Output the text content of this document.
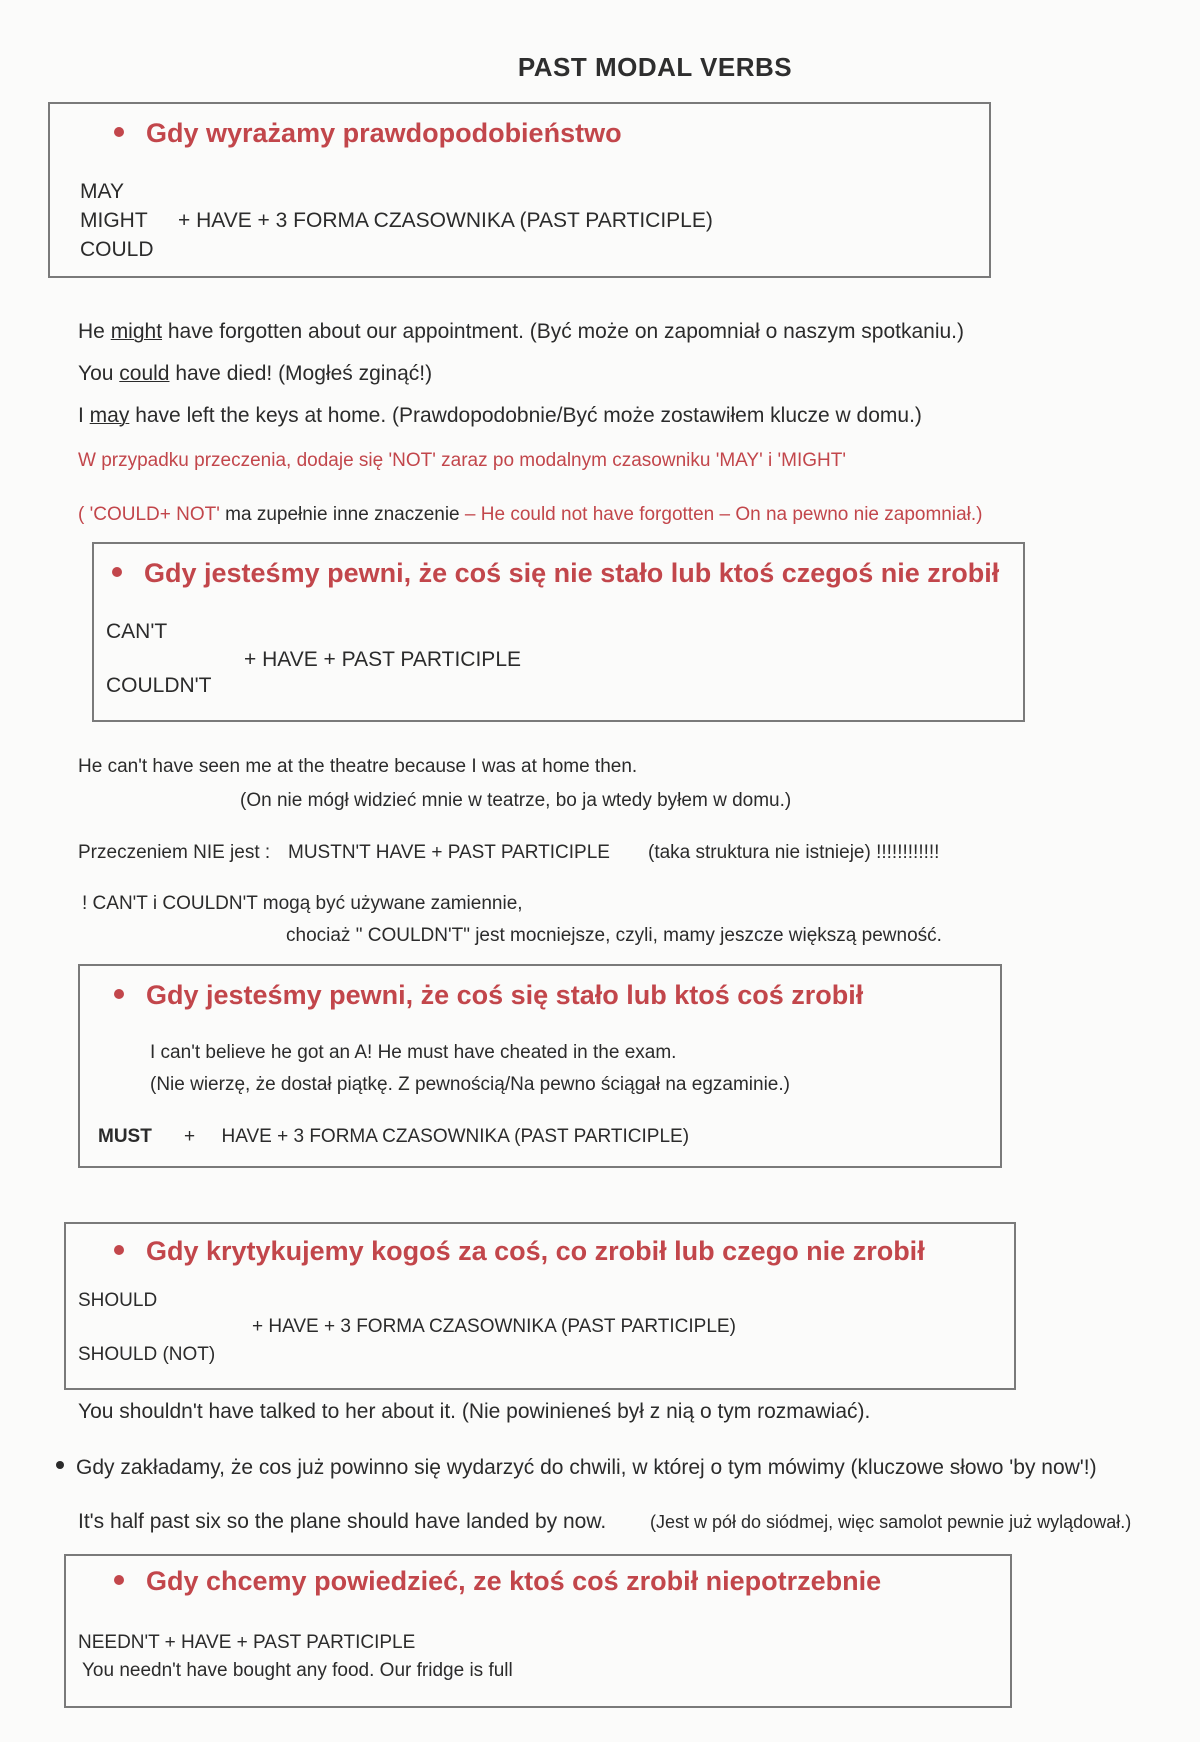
PAST MODAL VERBS
Gdy wyrażamy prawdopodobieństwo
MAY
MIGHT
COULD
+ HAVE + 3 FORMA CZASOWNIKA (PAST PARTICIPLE)
He might have forgotten about our appointment. (Być może on zapomniał o naszym spotkaniu.)
You could have died! (Mogłeś zginąć!)
I may have left the keys at home. (Prawdopodobnie/Być może zostawiłem klucze w domu.)
W przypadku przeczenia, dodaje się 'NOT' zaraz po modalnym czasowniku 'MAY' i 'MIGHT'
( 'COULD+ NOT' ma zupełnie inne znaczenie – He could not have forgotten – On na pewno nie zapomniał.)
Gdy jesteśmy pewni, że coś się nie stało lub ktoś czegoś nie zrobił
CAN'T
+ HAVE + PAST PARTICIPLE
COULDN'T
He can't have seen me at the theatre because I was at home then.
(On nie mógł widzieć mnie w teatrze, bo ja wtedy byłem w domu.)
Przeczeniem NIE jest : MUSTN'T HAVE + PAST PARTICIPLE (taka struktura nie istnieje) !!!!!!!!!!!!
! CAN'T i COULDN'T mogą być używane zamiennie,
chociaż " COULDN'T" jest mocniejsze, czyli, mamy jeszcze większą pewność.
Gdy jesteśmy pewni, że coś się stało lub ktoś coś zrobił
I can't believe he got an A! He must have cheated in the exam.
(Nie wierzę, że dostał piątkę. Z pewnością/Na pewno ściągał na egzaminie.)
MUST +     HAVE + 3 FORMA CZASOWNIKA (PAST PARTICIPLE)
Gdy krytykujemy kogoś za coś, co zrobił lub czego nie zrobił
SHOULD
+ HAVE + 3 FORMA CZASOWNIKA (PAST PARTICIPLE)
SHOULD (NOT)
You shouldn't have talked to her about it. (Nie powinieneś był z nią o tym rozmawiać).
Gdy zakładamy, że cos już powinno się wydarzyć do chwili, w której o tym mówimy (kluczowe słowo 'by now'!)
It's half past six so the plane should have landed by now. (Jest w pół do siódmej, więc samolot pewnie już wylądował.)
Gdy chcemy powiedzieć, ze ktoś coś zrobił niepotrzebnie
NEEDN'T + HAVE + PAST PARTICIPLE
You needn't have bought any food. Our fridge is full
